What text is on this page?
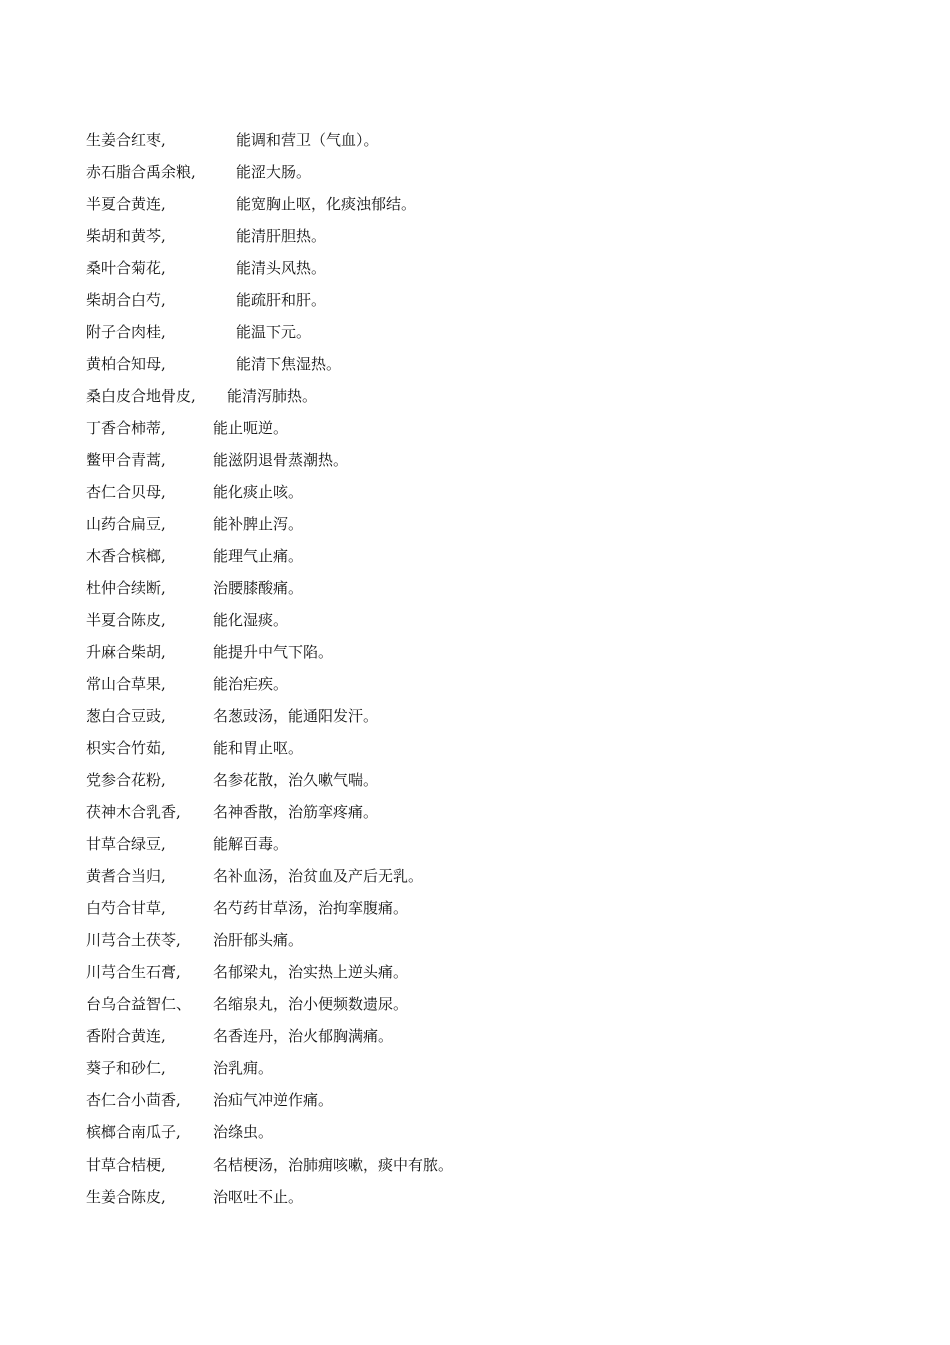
生姜合红枣,	能调和营卫（气血）。
赤石脂合禹余粮,	能涩大肠。
半夏合黄连,	能宽胸止呕，化痰浊郁结。
柴胡和黄芩,	能清肝胆热。
桑叶合菊花,	能清头风热。
柴胡合白芍,	能疏肝和肝。
附子合肉桂,	能温下元。
黄柏合知母,	能清下焦湿热。
桑白皮合地骨皮, 能清泻肺热。
丁香合柿蒂,	能止呃逆。
鳖甲合青蒿,	能滋阴退骨蒸潮热。
杏仁合贝母,	能化痰止咳。
山药合扁豆,	能补脾止泻。
木香合槟榔,	能理气止痛。
杜仲合续断,	治腰膝酸痛。
半夏合陈皮,	能化湿痰。
升麻合柴胡,	能提升中气下陷。
常山合草果,	能治疟疾。
葱白合豆豉,	名葱豉汤，能通阳发汗。
枳实合竹茹,	能和胃止呕。
党参合花粉,	名参花散，治久嗽气喘。
茯神木合乳香, 名神香散，治筋挛疼痛。
甘草合绿豆,	能解百毒。
黄耆合当归,	名补血汤，治贫血及产后无乳。
白芍合甘草,	名芍药甘草汤，治拘挛腹痛。
川芎合土茯苓, 治肝郁头痛。
川芎合生石膏, 名郁梁丸，治实热上逆头痛。
台乌合益智仁、 名缩泉丸，治小便频数遗尿。
香附合黄连,	名香连丹，治火郁胸满痛。
葵子和砂仁,	治乳痈。
杏仁合小茴香, 治疝气冲逆作痛。
槟榔合南瓜子, 治绦虫。
甘草合桔梗,	名桔梗汤，治肺痈咳嗽，痰中有脓。
生姜合陈皮,	治呕吐不止。
